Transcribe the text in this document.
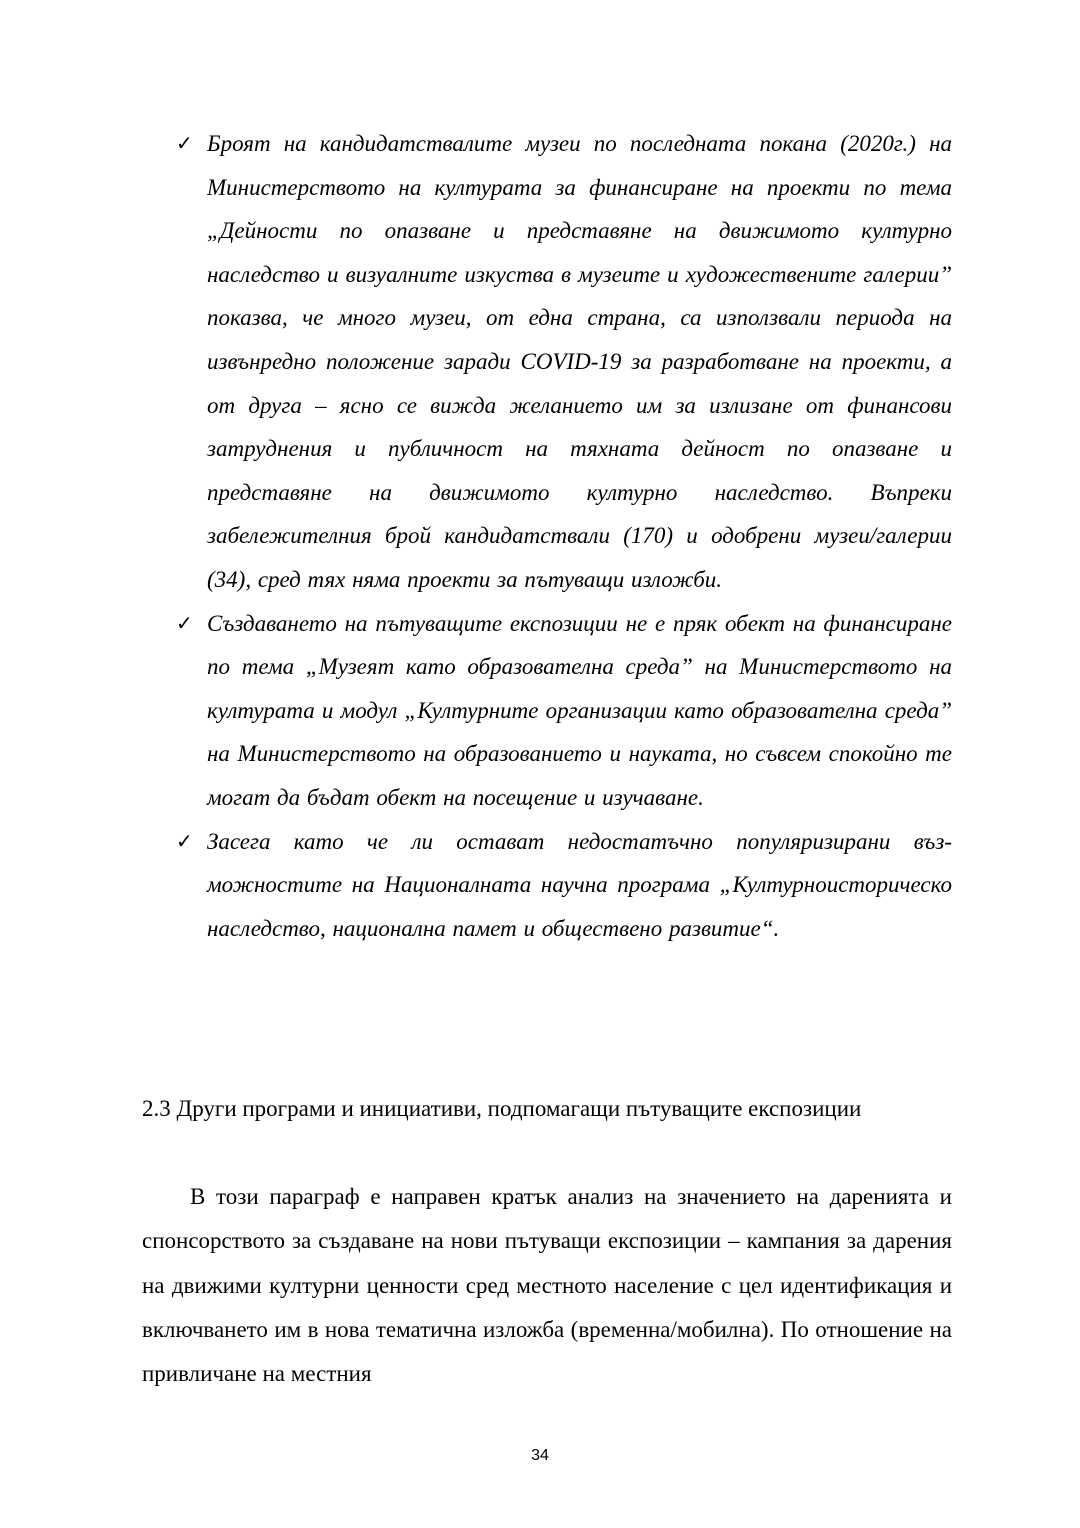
✓ Броят на кандидатствалите музеи по последната покана (2020г.) на Министерството на културата за финансиране на проекти по тема „Дейности по опазване и представяне на движимото културно наследство и визуалните изкуства в музеите и художествените галерии” показва, че много музеи, от една страна, са използвали периода на извънредно положение заради COVID-19 за разработване на проекти, а от друга – ясно се вижда желанието им за излизане от финансови затруднения и публичност на тяхната дейност по опазване и представяне на движимото културно наследство. Въпреки забележителния брой кандидатствали (170) и одобрени музеи/галерии (34), сред тях няма проекти за пътуващи изложби.
✓ Създаването на пътуващите експозиции не е пряк обект на финансиране по тема „Музеят като образователна среда” на Министерството на културата и модул „Културните организации като образователна среда” на Министерството на образованието и науката, но съвсем спокойно те могат да бъдат обект на посещение и изучаване.
✓ Засега като че ли остават недостатъчно популяризирани възможностите на Националната научна програма „Културноисторическо наследство, национална памет и обществено развитие“.
2.3 Други програми и инициативи, подпомагащи пътуващите експозиции

В този параграф е направен кратък анализ на значението на даренията и спонсорството за създаване на нови пътуващи експозиции – кампания за дарения на движими културни ценности сред местното население с цел идентификация и включването им в нова тематична изложба (временна/мобилна). По отношение на привличане на местния

34
